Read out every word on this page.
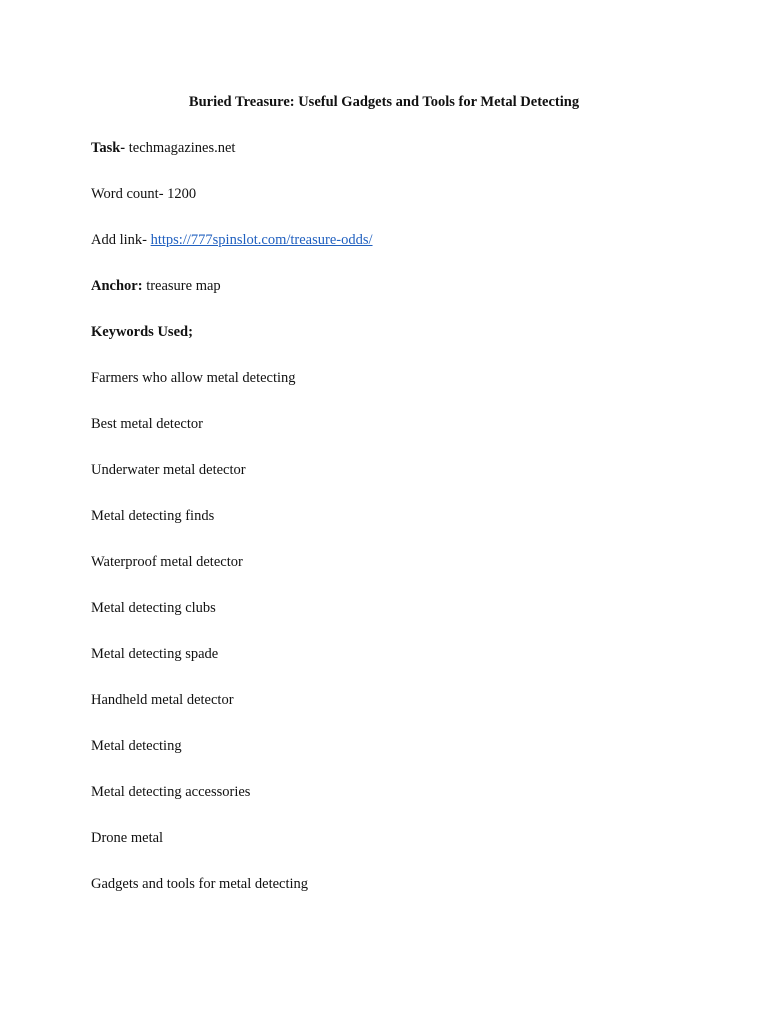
Buried Treasure: Useful Gadgets and Tools for Metal Detecting
Task- techmagazines.net
Word count- 1200
Add link- https://777spinslot.com/treasure-odds/
Anchor: treasure map
Keywords Used;
Farmers who allow metal detecting
Best metal detector
Underwater metal detector
Metal detecting finds
Waterproof metal detector
Metal detecting clubs
Metal detecting spade
Handheld metal detector
Metal detecting
Metal detecting accessories
Drone metal
Gadgets and tools for metal detecting
